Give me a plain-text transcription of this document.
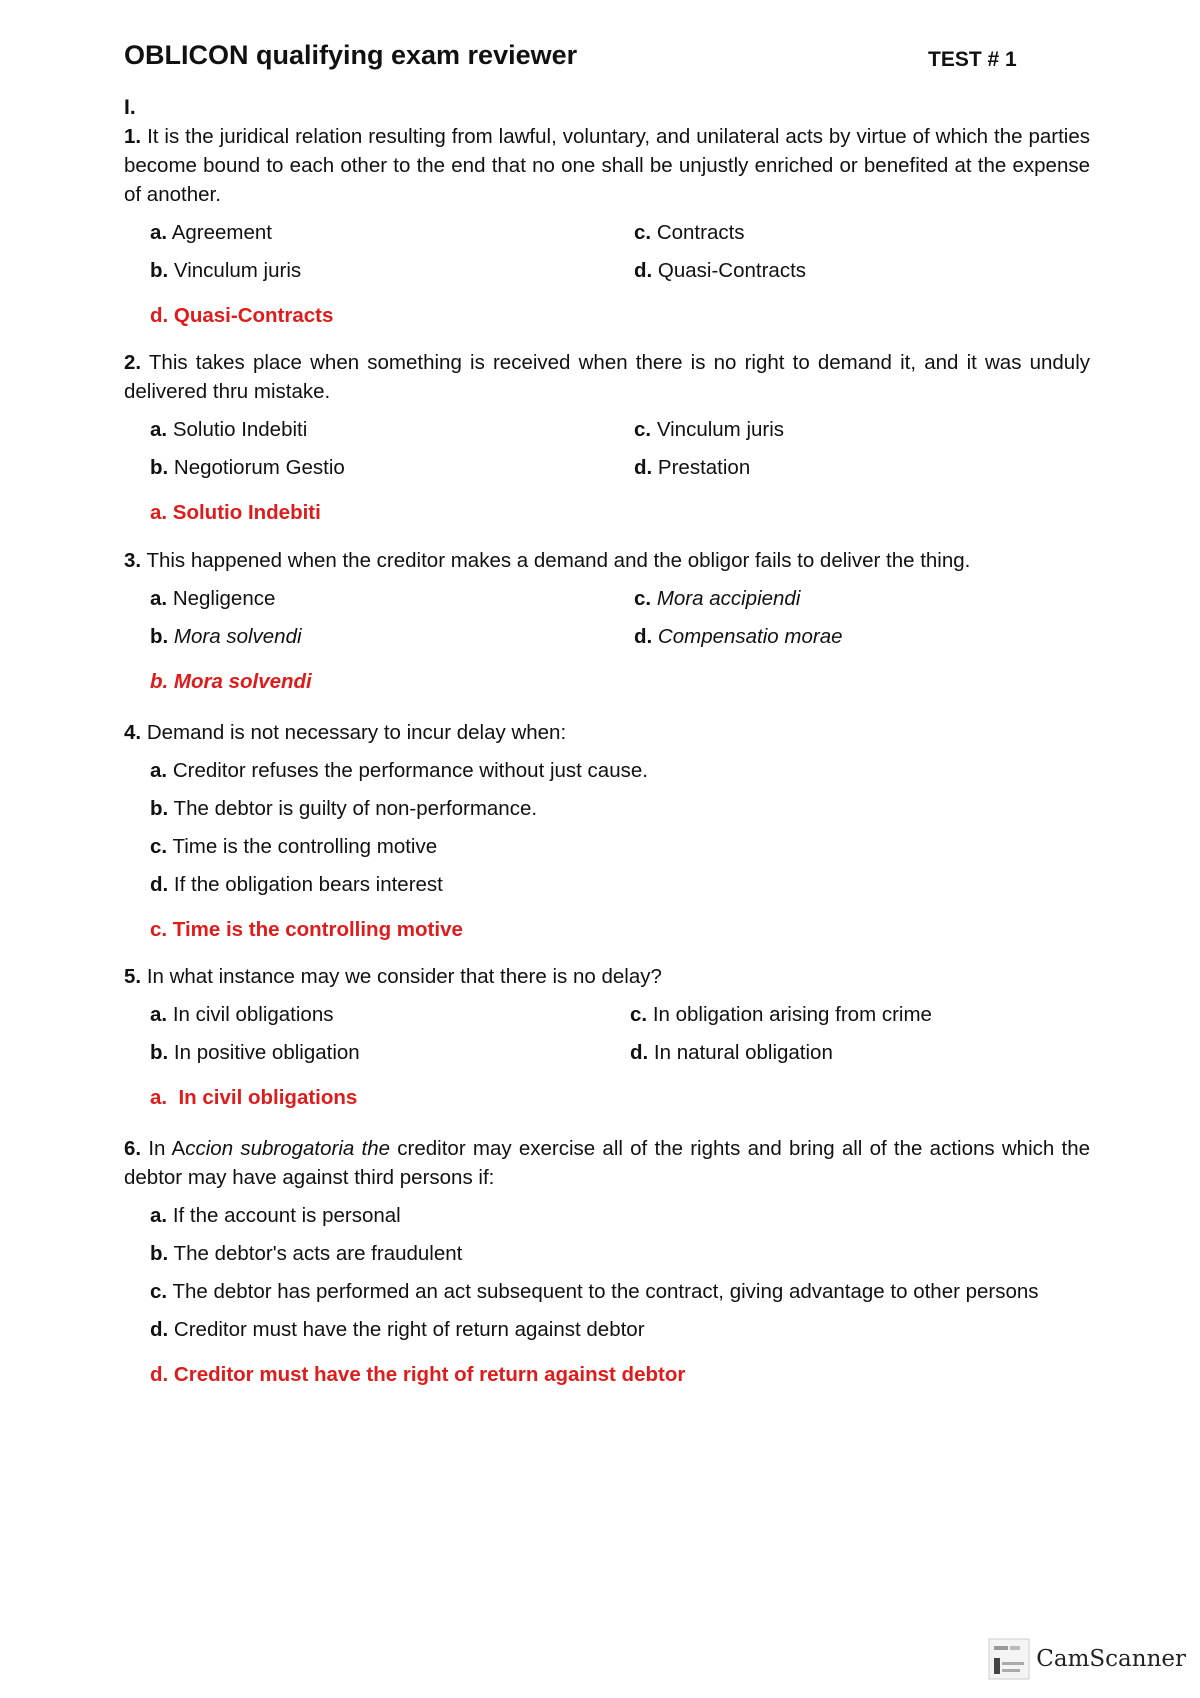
OBLICON qualifying exam reviewer	TEST # 1
I.

1. It is the juridical relation resulting from lawful, voluntary, and unilateral acts by virtue of which the parties become bound to each other to the end that no one shall be unjustly enriched or benefited at the expense of another.

a. Agreement	c. Contracts
b. Vinculum juris	d. Quasi-Contracts
d. Quasi-Contracts

2. This takes place when something is received when there is no right to demand it, and it was unduly delivered thru mistake.

a. Solutio Indebiti	c. Vinculum juris
b. Negotiorum Gestio	d. Prestation
a. Solutio Indebiti

3. This happened when the creditor makes a demand and the obligor fails to deliver the thing.

a. Negligence	c. Mora accipiendi
b. Mora solvendi	d. Compensatio morae
b. Mora solvendi

4. Demand is not necessary to incur delay when:

a. Creditor refuses the performance without just cause.
b. The debtor is guilty of non-performance.
c. Time is the controlling motive
d. If the obligation bears interest
c. Time is the controlling motive

5. In what instance may we consider that there is no delay?

a. In civil obligations	c. In obligation arising from crime
b. In positive obligation	d. In natural obligation
a.  In civil obligations

6. In Accion subrogatoria the creditor may exercise all of the rights and bring all of the actions which the debtor may have against third persons if:

a. If the account is personal
b. The debtor's acts are fraudulent
c. The debtor has performed an act subsequent to the contract, giving advantage to other persons
d. Creditor must have the right of return against debtor
d. Creditor must have the right of return against debtor
CamScanner
